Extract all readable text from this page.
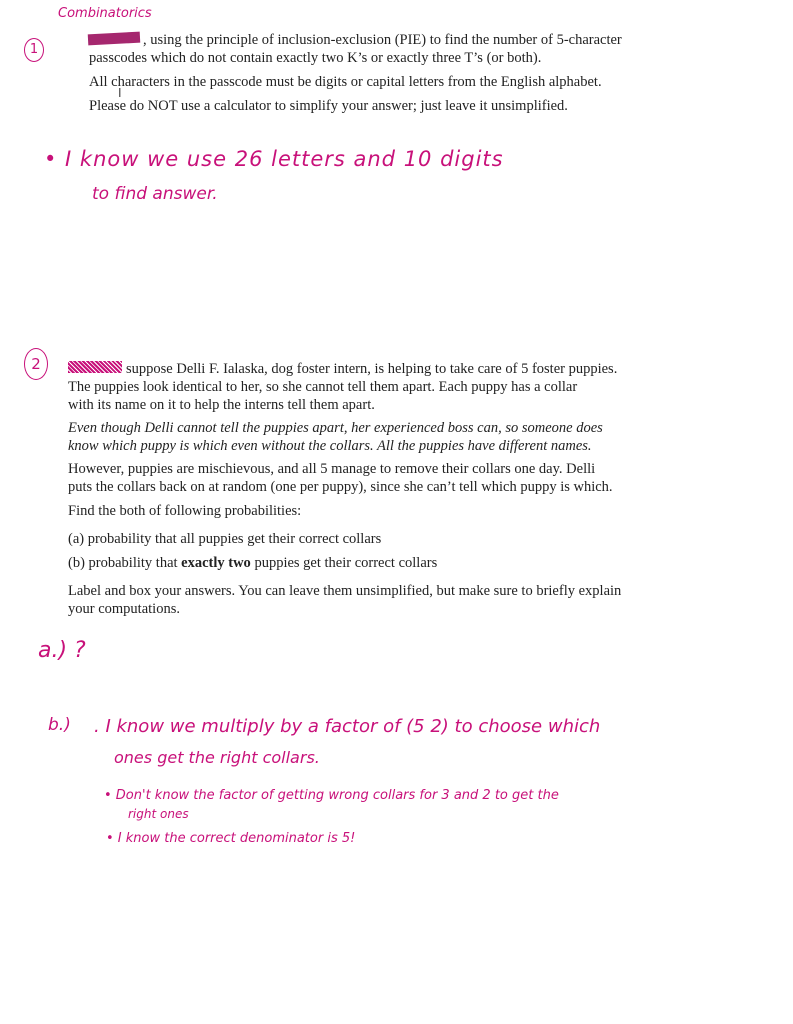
Combinatorics
1

, using the principle of inclusion-exclusion (PIE) to find the number of 5-character

passcodes which do not contain exactly two K’s or exactly three T’s (or both).

All characters in the passcode must be digits or capital letters from the English alphabet.

Please do NOT use a calculator to simplify your answer; just leave it unsimplified.

I
• I know we use 26 letters and 10 digits
to find answer.
2	suppose Delli F. Ialaska, dog foster intern, is helping to take care of 5 foster puppies.

The puppies look identical to her, so she cannot tell them apart. Each puppy has a collar

with its name on it to help the interns tell them apart.

Even though Delli cannot tell the puppies apart, her experienced boss can, so someone does

know which puppy is which even without the collars. All the puppies have different names.

However, puppies are mischievous, and all 5 manage to remove their collars one day. Delli

puts the collars back on at random (one per puppy), since she can’t tell which puppy is which.

Find the both of following probabilities:

(a) probability that all puppies get their correct collars

(b) probability that exactly two puppies get their correct collars

Label and box your answers. You can leave them unsimplified, but make sure to briefly explain

your computations.

a.) ?
b.) . I know we multiply by a factor of (5 2) to choose which
ones get the right collars.
• Don't know the factor of getting wrong collars for 3 and 2 to get the
right ones
• I know the correct denominator is 5!
